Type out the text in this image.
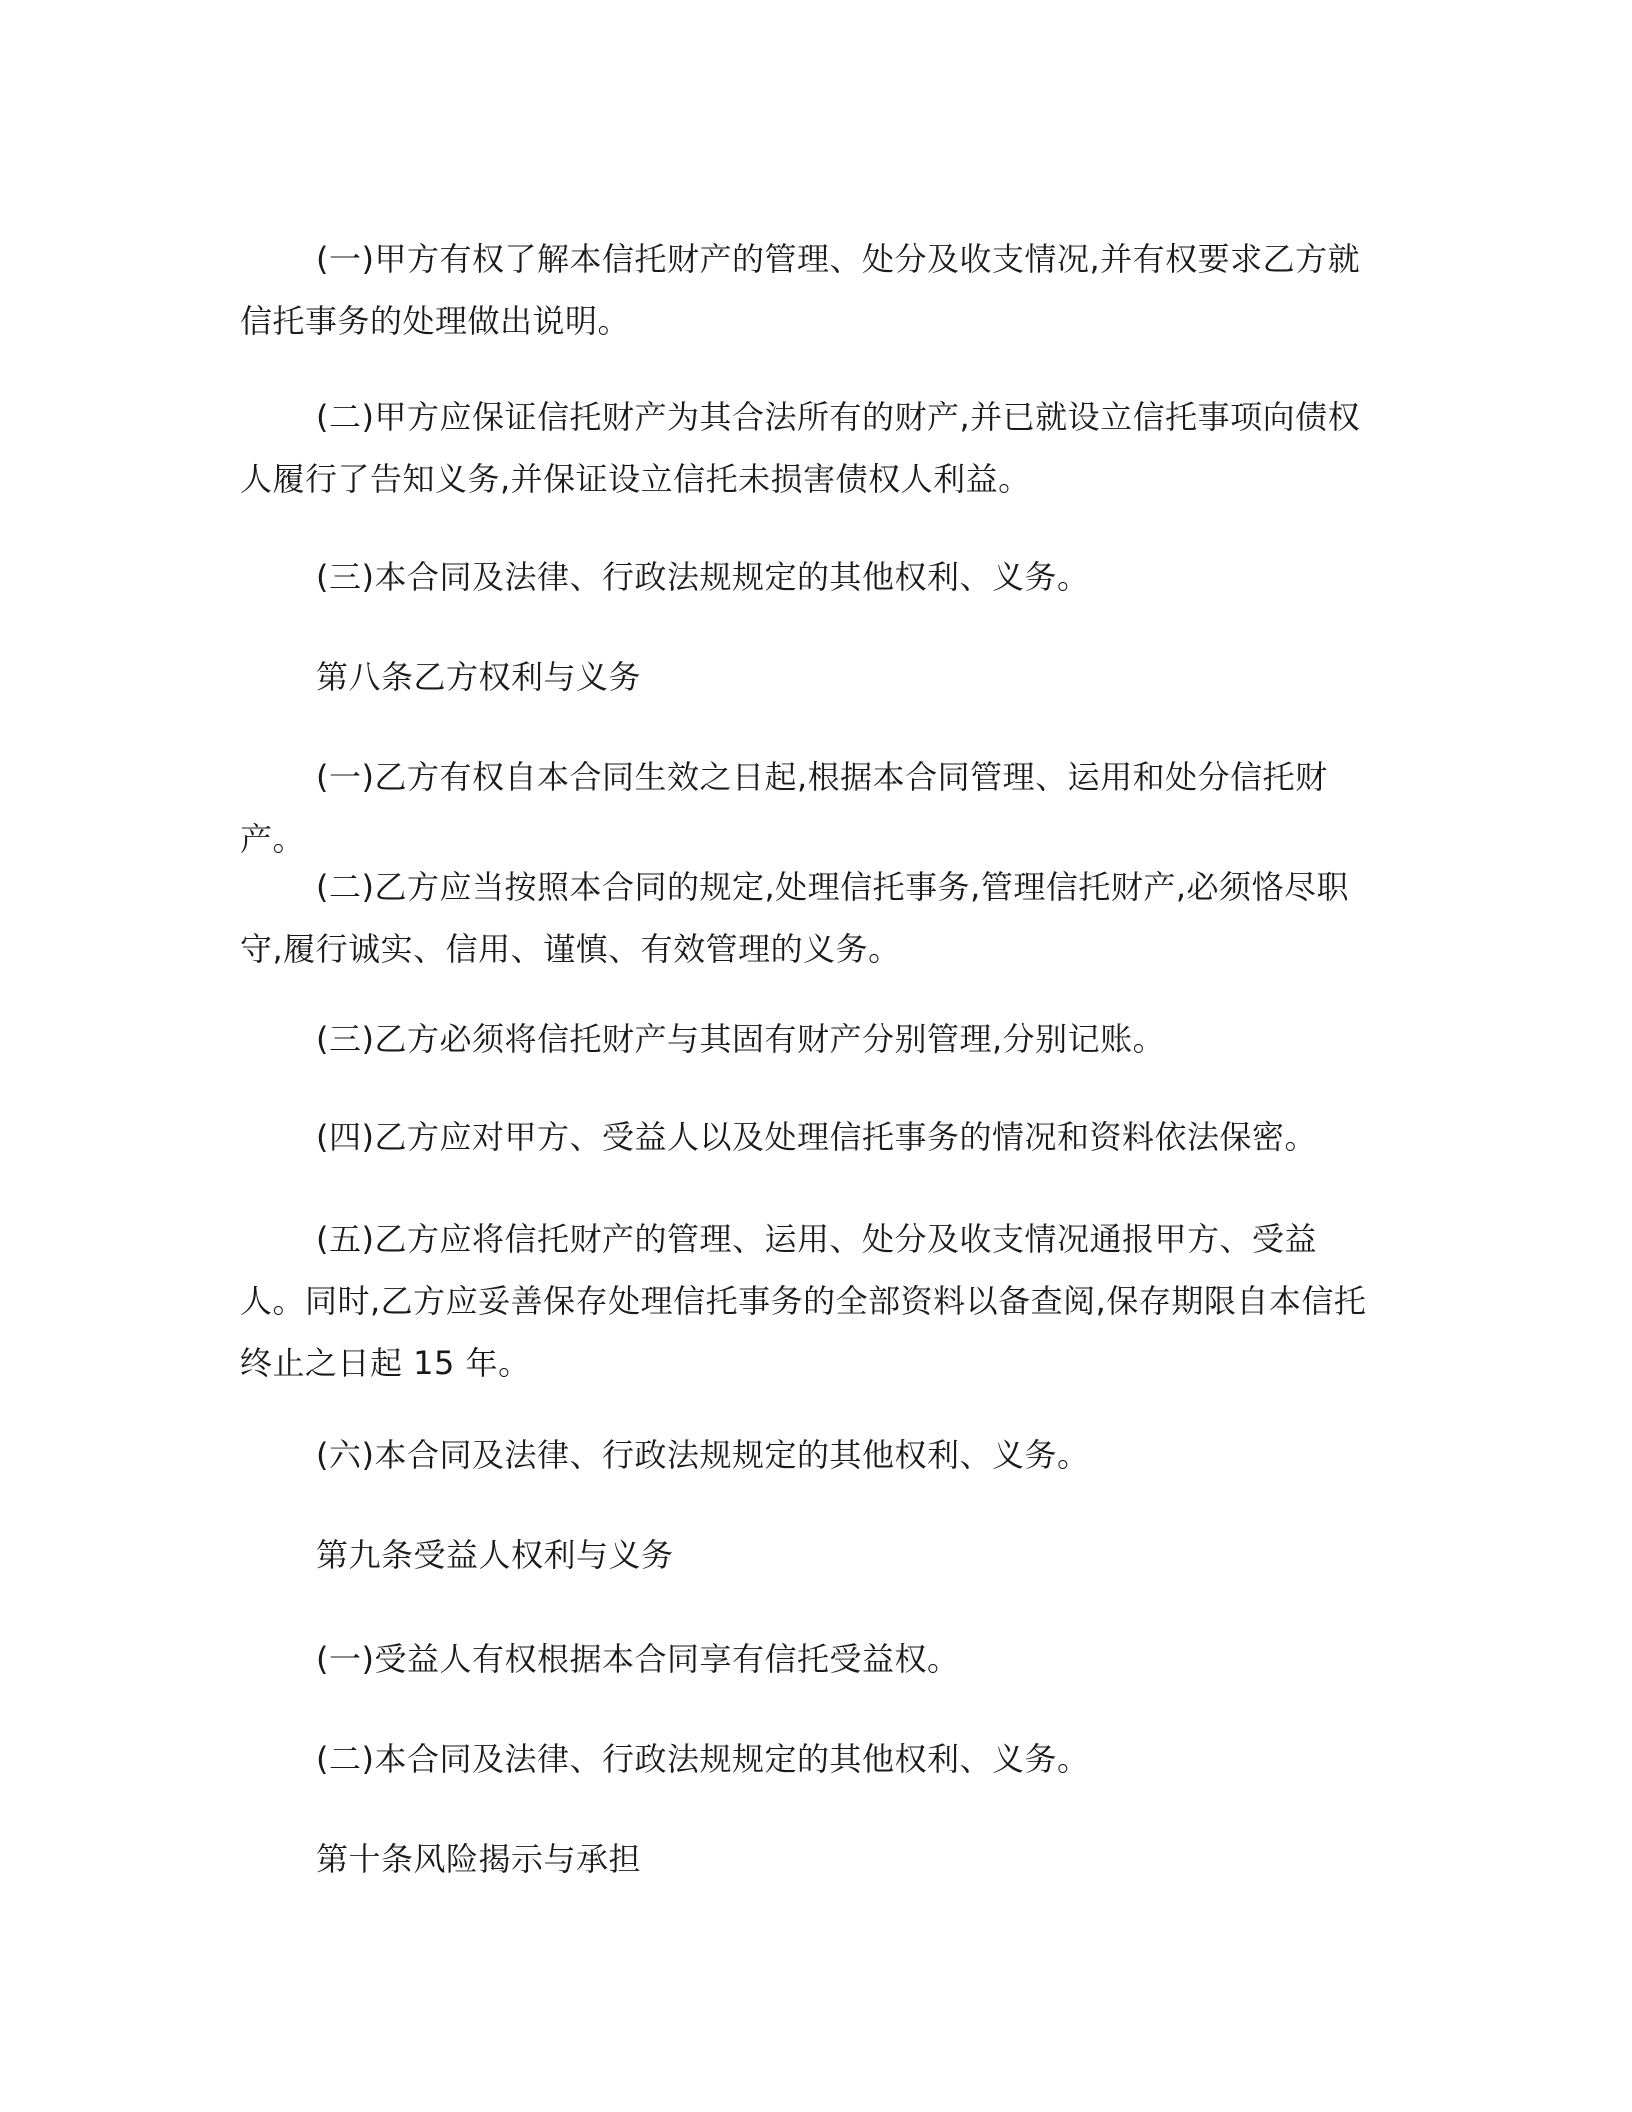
(一)甲方有权了解本信托财产的管理、处分及收支情况,并有权要求乙方就信托事务的处理做出说明。

(二)甲方应保证信托财产为其合法所有的财产,并已就设立信托事项向债权人履行了告知义务,并保证设立信托未损害债权人利益。

(三)本合同及法律、行政法规规定的其他权利、义务。

第八条乙方权利与义务

(一)乙方有权自本合同生效之日起,根据本合同管理、运用和处分信托财产。

(二)乙方应当按照本合同的规定,处理信托事务,管理信托财产,必须恪尽职守,履行诚实、信用、谨慎、有效管理的义务。

(三)乙方必须将信托财产与其固有财产分别管理,分别记账。

(四)乙方应对甲方、受益人以及处理信托事务的情况和资料依法保密。

(五)乙方应将信托财产的管理、运用、处分及收支情况通报甲方、受益人。同时,乙方应妥善保存处理信托事务的全部资料以备查阅,保存期限自本信托终止之日起 15 年。

(六)本合同及法律、行政法规规定的其他权利、义务。

第九条受益人权利与义务

(一)受益人有权根据本合同享有信托受益权。

(二)本合同及法律、行政法规规定的其他权利、义务。

第十条风险揭示与承担
